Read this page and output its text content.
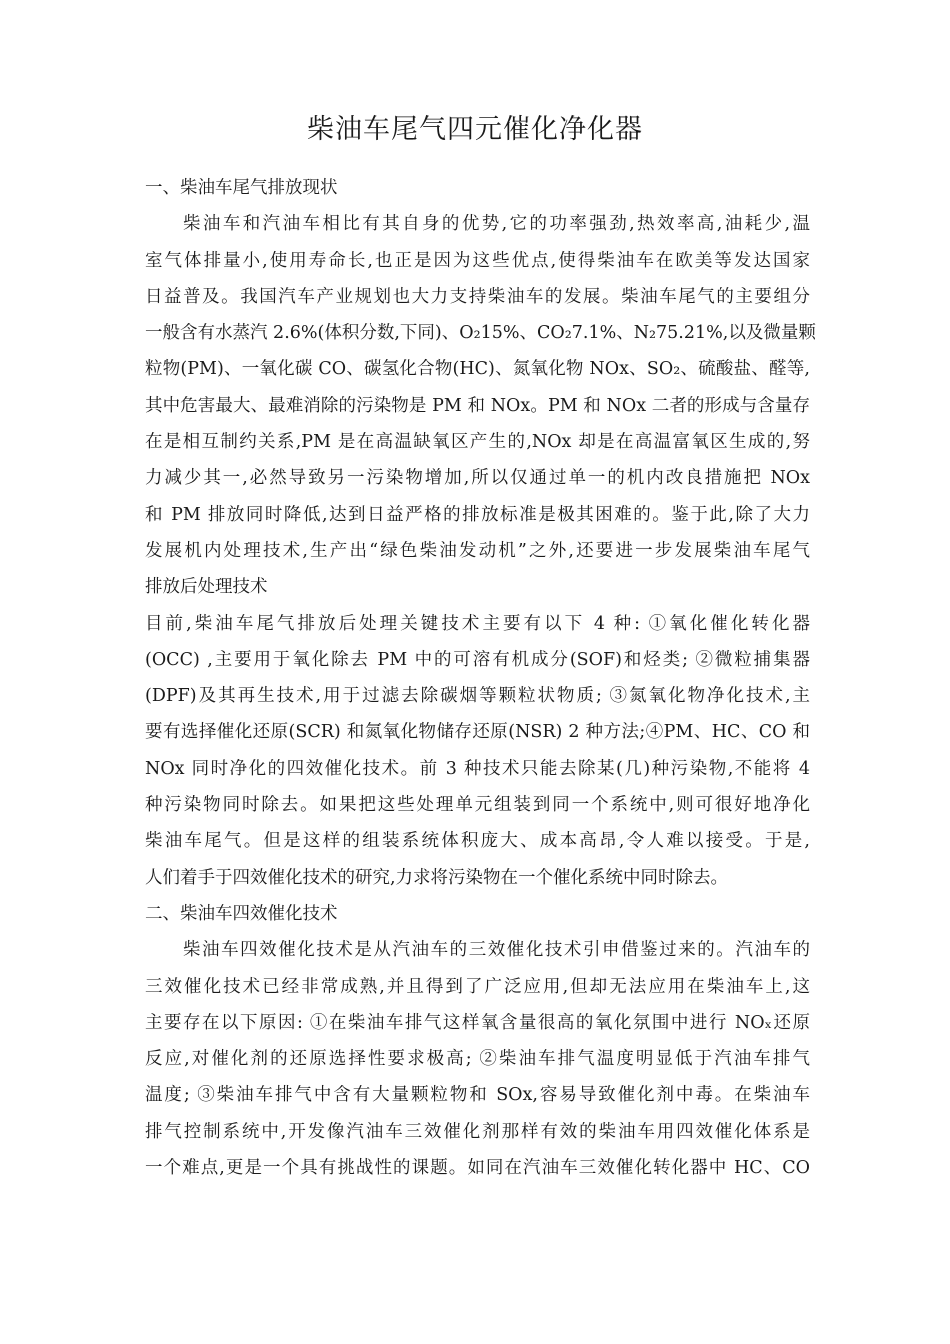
柴油车尾气四元催化净化器
一、柴油车尾气排放现状
柴油车和汽油车相比有其自身的优势,它的功率强劲,热效率高,油耗少,温
室气体排量小,使用寿命长,也正是因为这些优点,使得柴油车在欧美等发达国家
日益普及。我国汽车产业规划也大力支持柴油车的发展。柴油车尾气的主要组分
一般含有水蒸汽 2.6%(体积分数,下同)、O₂15%、CO₂7.1%、N₂75.21%,以及微量颗
粒物(PM)、一氧化碳 CO、碳氢化合物(HC)、氮氧化物 NOx、SO₂、硫酸盐、醛等,
其中危害最大、最难消除的污染物是 PM 和 NOx。PM 和 NOx 二者的形成与含量存
在是相互制约关系,PM 是在高温缺氧区产生的,NOx 却是在高温富氧区生成的,努
力减少其一,必然导致另一污染物增加,所以仅通过单一的机内改良措施把 NOx
和 PM 排放同时降低,达到日益严格的排放标准是极其困难的。鉴于此,除了大力
发展机内处理技术,生产出“绿色柴油发动机”之外,还要进一步发展柴油车尾气
排放后处理技术
目前,柴油车尾气排放后处理关键技术主要有以下 4 种: ①氧化催化转化器
(OCC) ,主要用于氧化除去 PM 中的可溶有机成分(SOF)和烃类; ②微粒捕集器
(DPF)及其再生技术,用于过滤去除碳烟等颗粒状物质; ③氮氧化物净化技术,主
要有选择催化还原(SCR) 和氮氧化物储存还原(NSR) 2 种方法;④PM、HC、CO 和
NOx 同时净化的四效催化技术。前 3 种技术只能去除某(几)种污染物,不能将 4
种污染物同时除去。如果把这些处理单元组装到同一个系统中,则可很好地净化
柴油车尾气。但是这样的组装系统体积庞大、成本高昂,令人难以接受。于是,
人们着手于四效催化技术的研究,力求将污染物在一个催化系统中同时除去。
二、柴油车四效催化技术
柴油车四效催化技术是从汽油车的三效催化技术引申借鉴过来的。汽油车的
三效催化技术已经非常成熟,并且得到了广泛应用,但却无法应用在柴油车上,这
主要存在以下原因: ①在柴油车排气这样氧含量很高的氧化氛围中进行 NOₓ还原
反应,对催化剂的还原选择性要求极高; ②柴油车排气温度明显低于汽油车排气
温度; ③柴油车排气中含有大量颗粒物和 SOx,容易导致催化剂中毒。在柴油车
排气控制系统中,开发像汽油车三效催化剂那样有效的柴油车用四效催化体系是
一个难点,更是一个具有挑战性的课题。如同在汽油车三效催化转化器中 HC、CO
